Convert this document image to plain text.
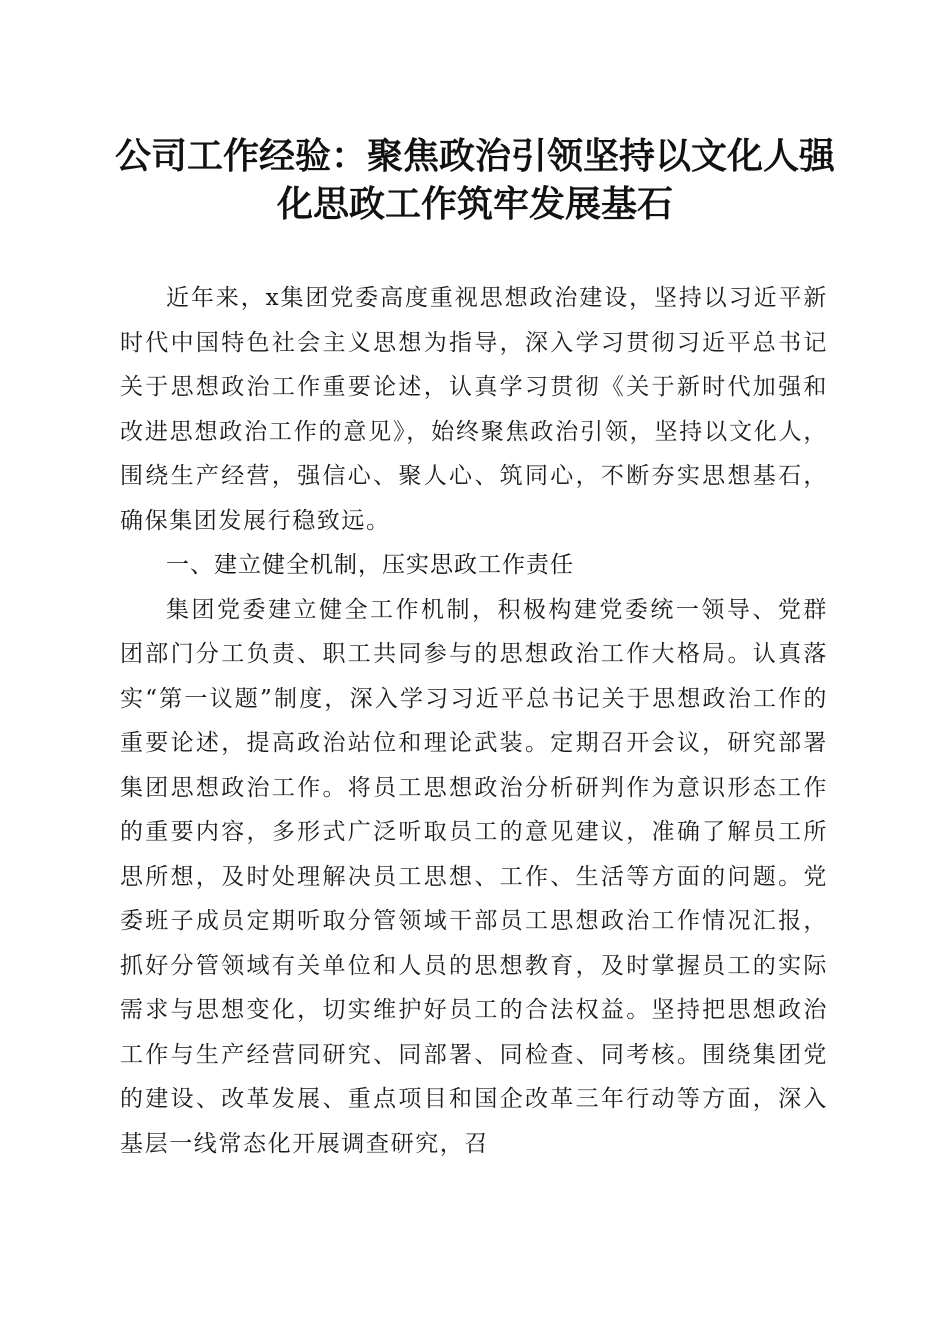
公司工作经验：聚焦政治引领坚持以文化人强化思政工作筑牢发展基石

近年来，x集团党委高度重视思想政治建设，坚持以习近平新时代中国特色社会主义思想为指导，深入学习贯彻习近平总书记关于思想政治工作重要论述，认真学习贯彻《关于新时代加强和改进思想政治工作的意见》，始终聚焦政治引领，坚持以文化人，围绕生产经营，强信心、聚人心、筑同心，不断夯实思想基石，确保集团发展行稳致远。

一、建立健全机制，压实思政工作责任

集团党委建立健全工作机制，积极构建党委统一领导、党群团部门分工负责、职工共同参与的思想政治工作大格局。认真落实“第一议题”制度，深入学习习近平总书记关于思想政治工作的重要论述，提高政治站位和理论武装。定期召开会议，研究部署集团思想政治工作。将员工思想政治分析研判作为意识形态工作的重要内容，多形式广泛听取员工的意见建议，准确了解员工所思所想，及时处理解决员工思想、工作、生活等方面的问题。党委班子成员定期听取分管领域干部员工思想政治工作情况汇报，抓好分管领域有关单位和人员的思想教育，及时掌握员工的实际需求与思想变化，切实维护好员工的合法权益。坚持把思想政治工作与生产经营同研究、同部署、同检查、同考核。围绕集团党的建设、改革发展、重点项目和国企改革三年行动等方面，深入基层一线常态化开展调查研究，召
